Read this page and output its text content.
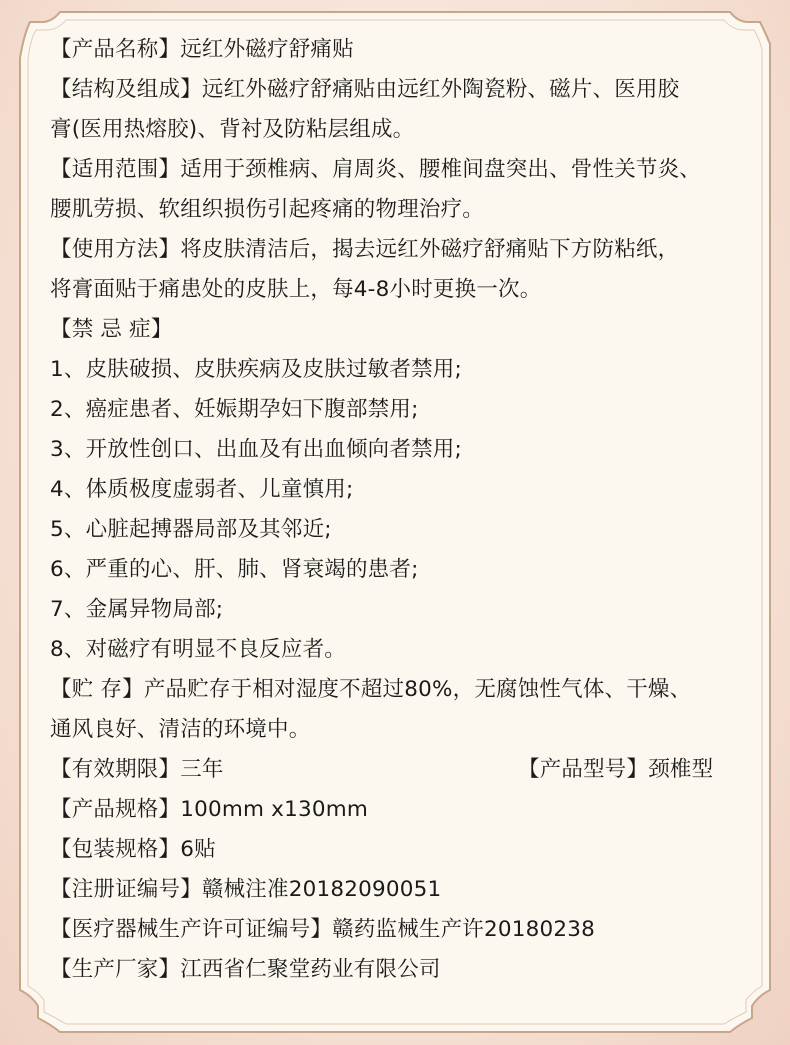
【产品名称】远红外磁疗舒痛贴
【结构及组成】远红外磁疗舒痛贴由远红外陶瓷粉、磁片、医用胶
膏(医用热熔胶)、背衬及防粘层组成。
【适用范围】适用于颈椎病、肩周炎、腰椎间盘突出、骨性关节炎、
腰肌劳损、软组织损伤引起疼痛的物理治疗。
【使用方法】将皮肤清洁后，揭去远红外磁疗舒痛贴下方防粘纸，
将膏面贴于痛患处的皮肤上，每4-8小时更换一次。
【禁 忌 症】
1、皮肤破损、皮肤疾病及皮肤过敏者禁用;
2、癌症患者、妊娠期孕妇下腹部禁用;
3、开放性创口、出血及有出血倾向者禁用;
4、体质极度虚弱者、儿童慎用;
5、心脏起搏器局部及其邻近;
6、严重的心、肝、肺、肾衰竭的患者;
7、金属异物局部;
8、对磁疗有明显不良反应者。
【贮 存】产品贮存于相对湿度不超过80%，无腐蚀性气体、干燥、
通风良好、清洁的环境中。
【有效期限】三年	【产品型号】颈椎型
【产品规格】100mm x130mm
【包装规格】6贴
【注册证编号】赣械注准20182090051
【医疗器械生产许可证编号】赣药监械生产许20180238
【生产厂家】江西省仁聚堂药业有限公司
